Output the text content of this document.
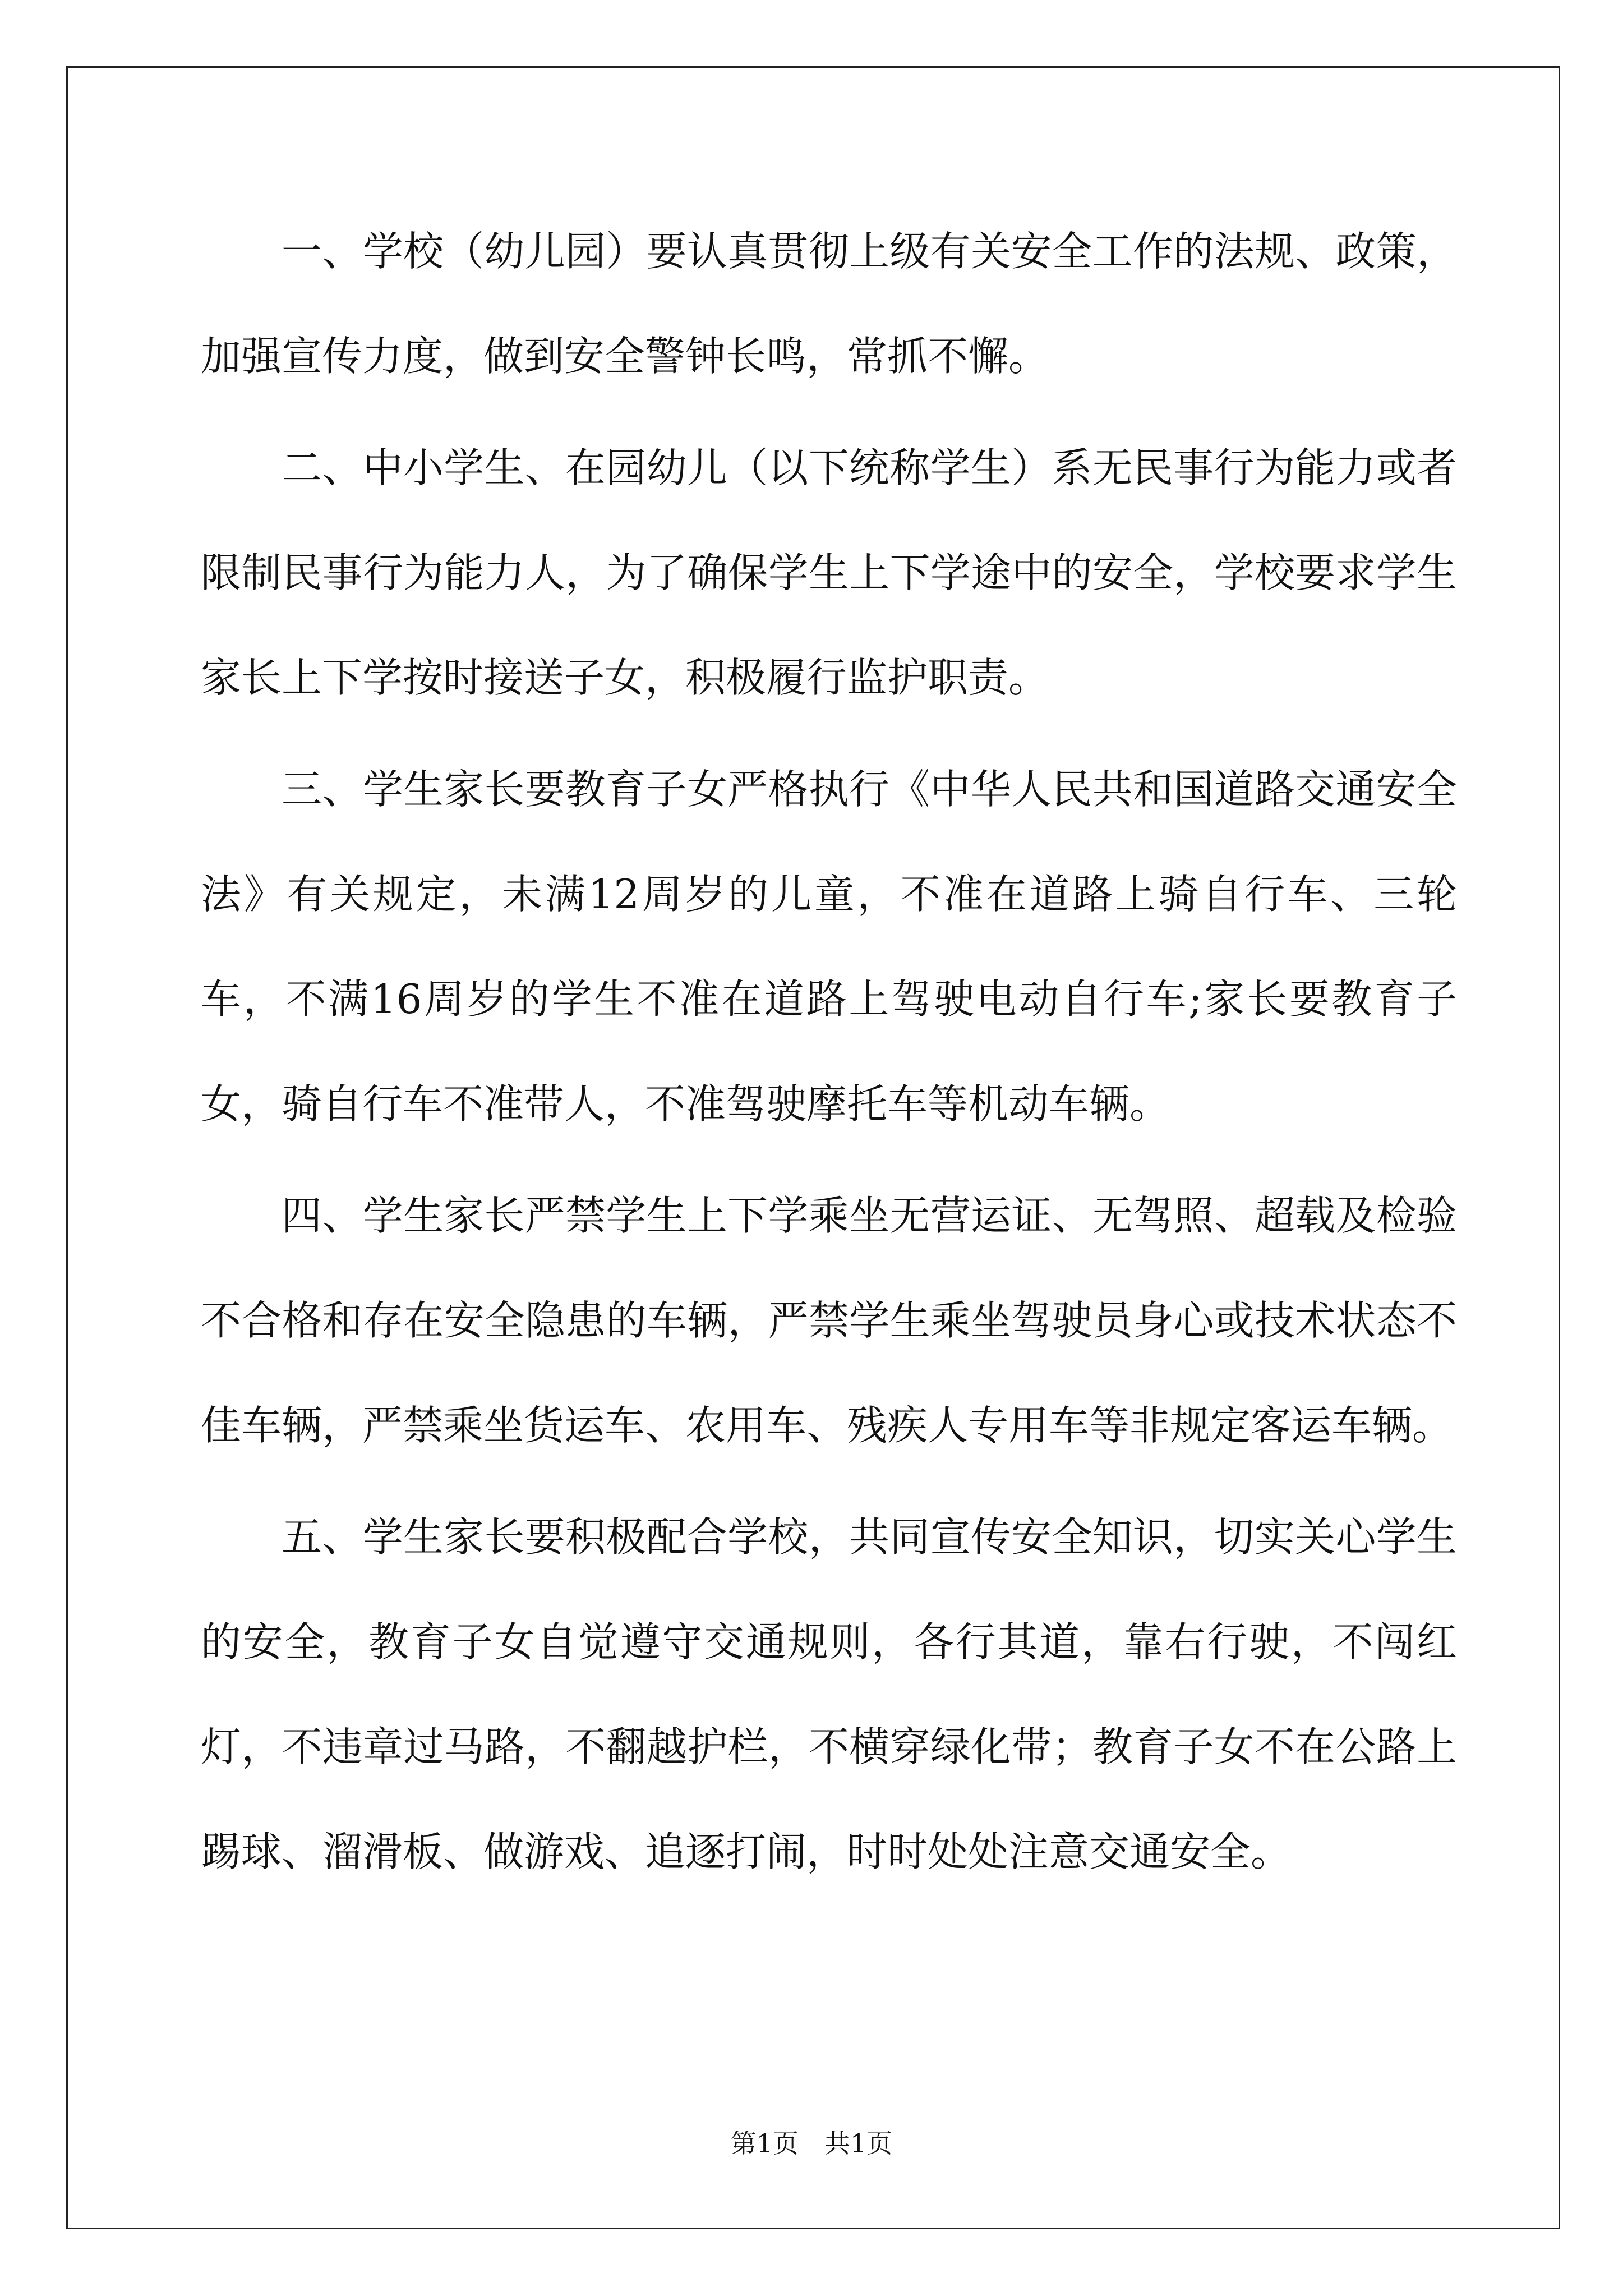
一、学校（幼儿园）要认真贯彻上级有关安全工作的法规、政策，加强宣传力度，做到安全警钟长鸣，常抓不懈。

二、中小学生、在园幼儿（以下统称学生）系无民事行为能力或者限制民事行为能力人，为了确保学生上下学途中的安全，学校要求学生家长上下学按时接送子女，积极履行监护职责。

三、学生家长要教育子女严格执行《中华人民共和国道路交通安全法》有关规定，未满12周岁的儿童，不准在道路上骑自行车、三轮车，不满16周岁的学生不准在道路上驾驶电动自行车;家长要教育子女，骑自行车不准带人，不准驾驶摩托车等机动车辆。

四、学生家长严禁学生上下学乘坐无营运证、无驾照、超载及检验不合格和存在安全隐患的车辆，严禁学生乘坐驾驶员身心或技术状态不佳车辆，严禁乘坐货运车、农用车、残疾人专用车等非规定客运车辆。

五、学生家长要积极配合学校，共同宣传安全知识，切实关心学生的安全，教育子女自觉遵守交通规则，各行其道，靠右行驶，不闯红灯，不违章过马路，不翻越护栏，不横穿绿化带；教育子女不在公路上踢球、溜滑板、做游戏、追逐打闹，时时处处注意交通安全。

第1页　共1页
